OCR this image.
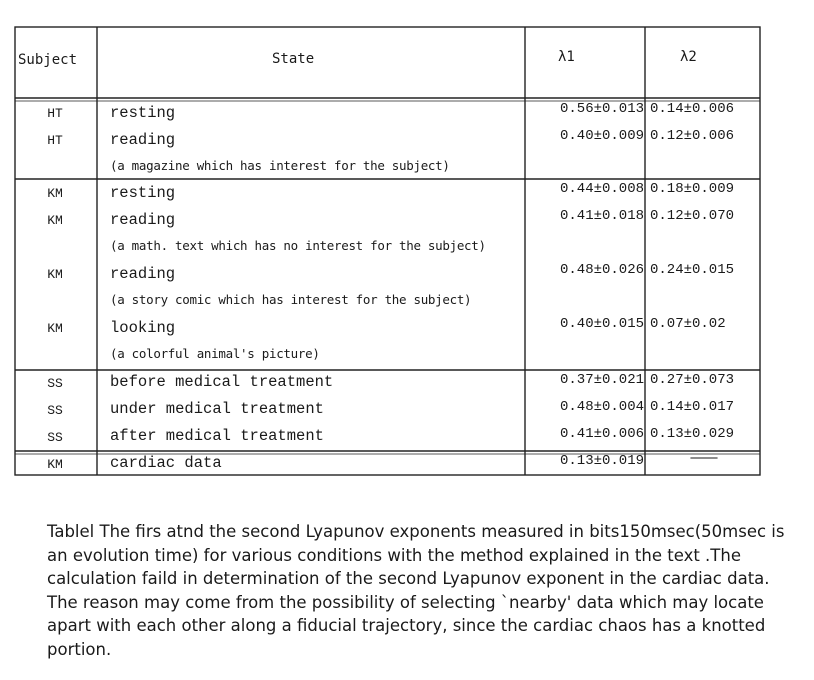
Subject	State	λ1	λ2
HT	resting	0.56±0.013 0.14±0.006
HT	reading	0.40±0.009 0.12±0.006
(a magazine which has interest for the subject)
KM	resting	0.44±0.008 0.18±0.009
KM	reading	0.41±0.018 0.12±0.070
(a math. text which has no interest for the subject)
KM	reading	0.48±0.026 0.24±0.015
(a story comic which has interest for the subject)
KM	looking	0.40±0.015 0.07±0.02
(a colorful animal's picture)
SS	before medical treatment	0.37±0.021 0.27±0.073
SS	under medical treatment	0.48±0.004 0.14±0.017
SS	after medical treatment	0.41±0.006 0.13±0.029
KM	cardiac data	0.13±0.019	———
Tablel The firs atnd the second Lyapunov exponents measured in bits150msec(50msec is an evolution time) for various conditions with the method explained in the text .The calculation faild in determination of the second Lyapunov exponent in the cardiac data. The reason may come from the possibility of selecting `nearby' data which may locate apart with each other along a fiducial trajectory, since the cardiac chaos has a knotted portion.
